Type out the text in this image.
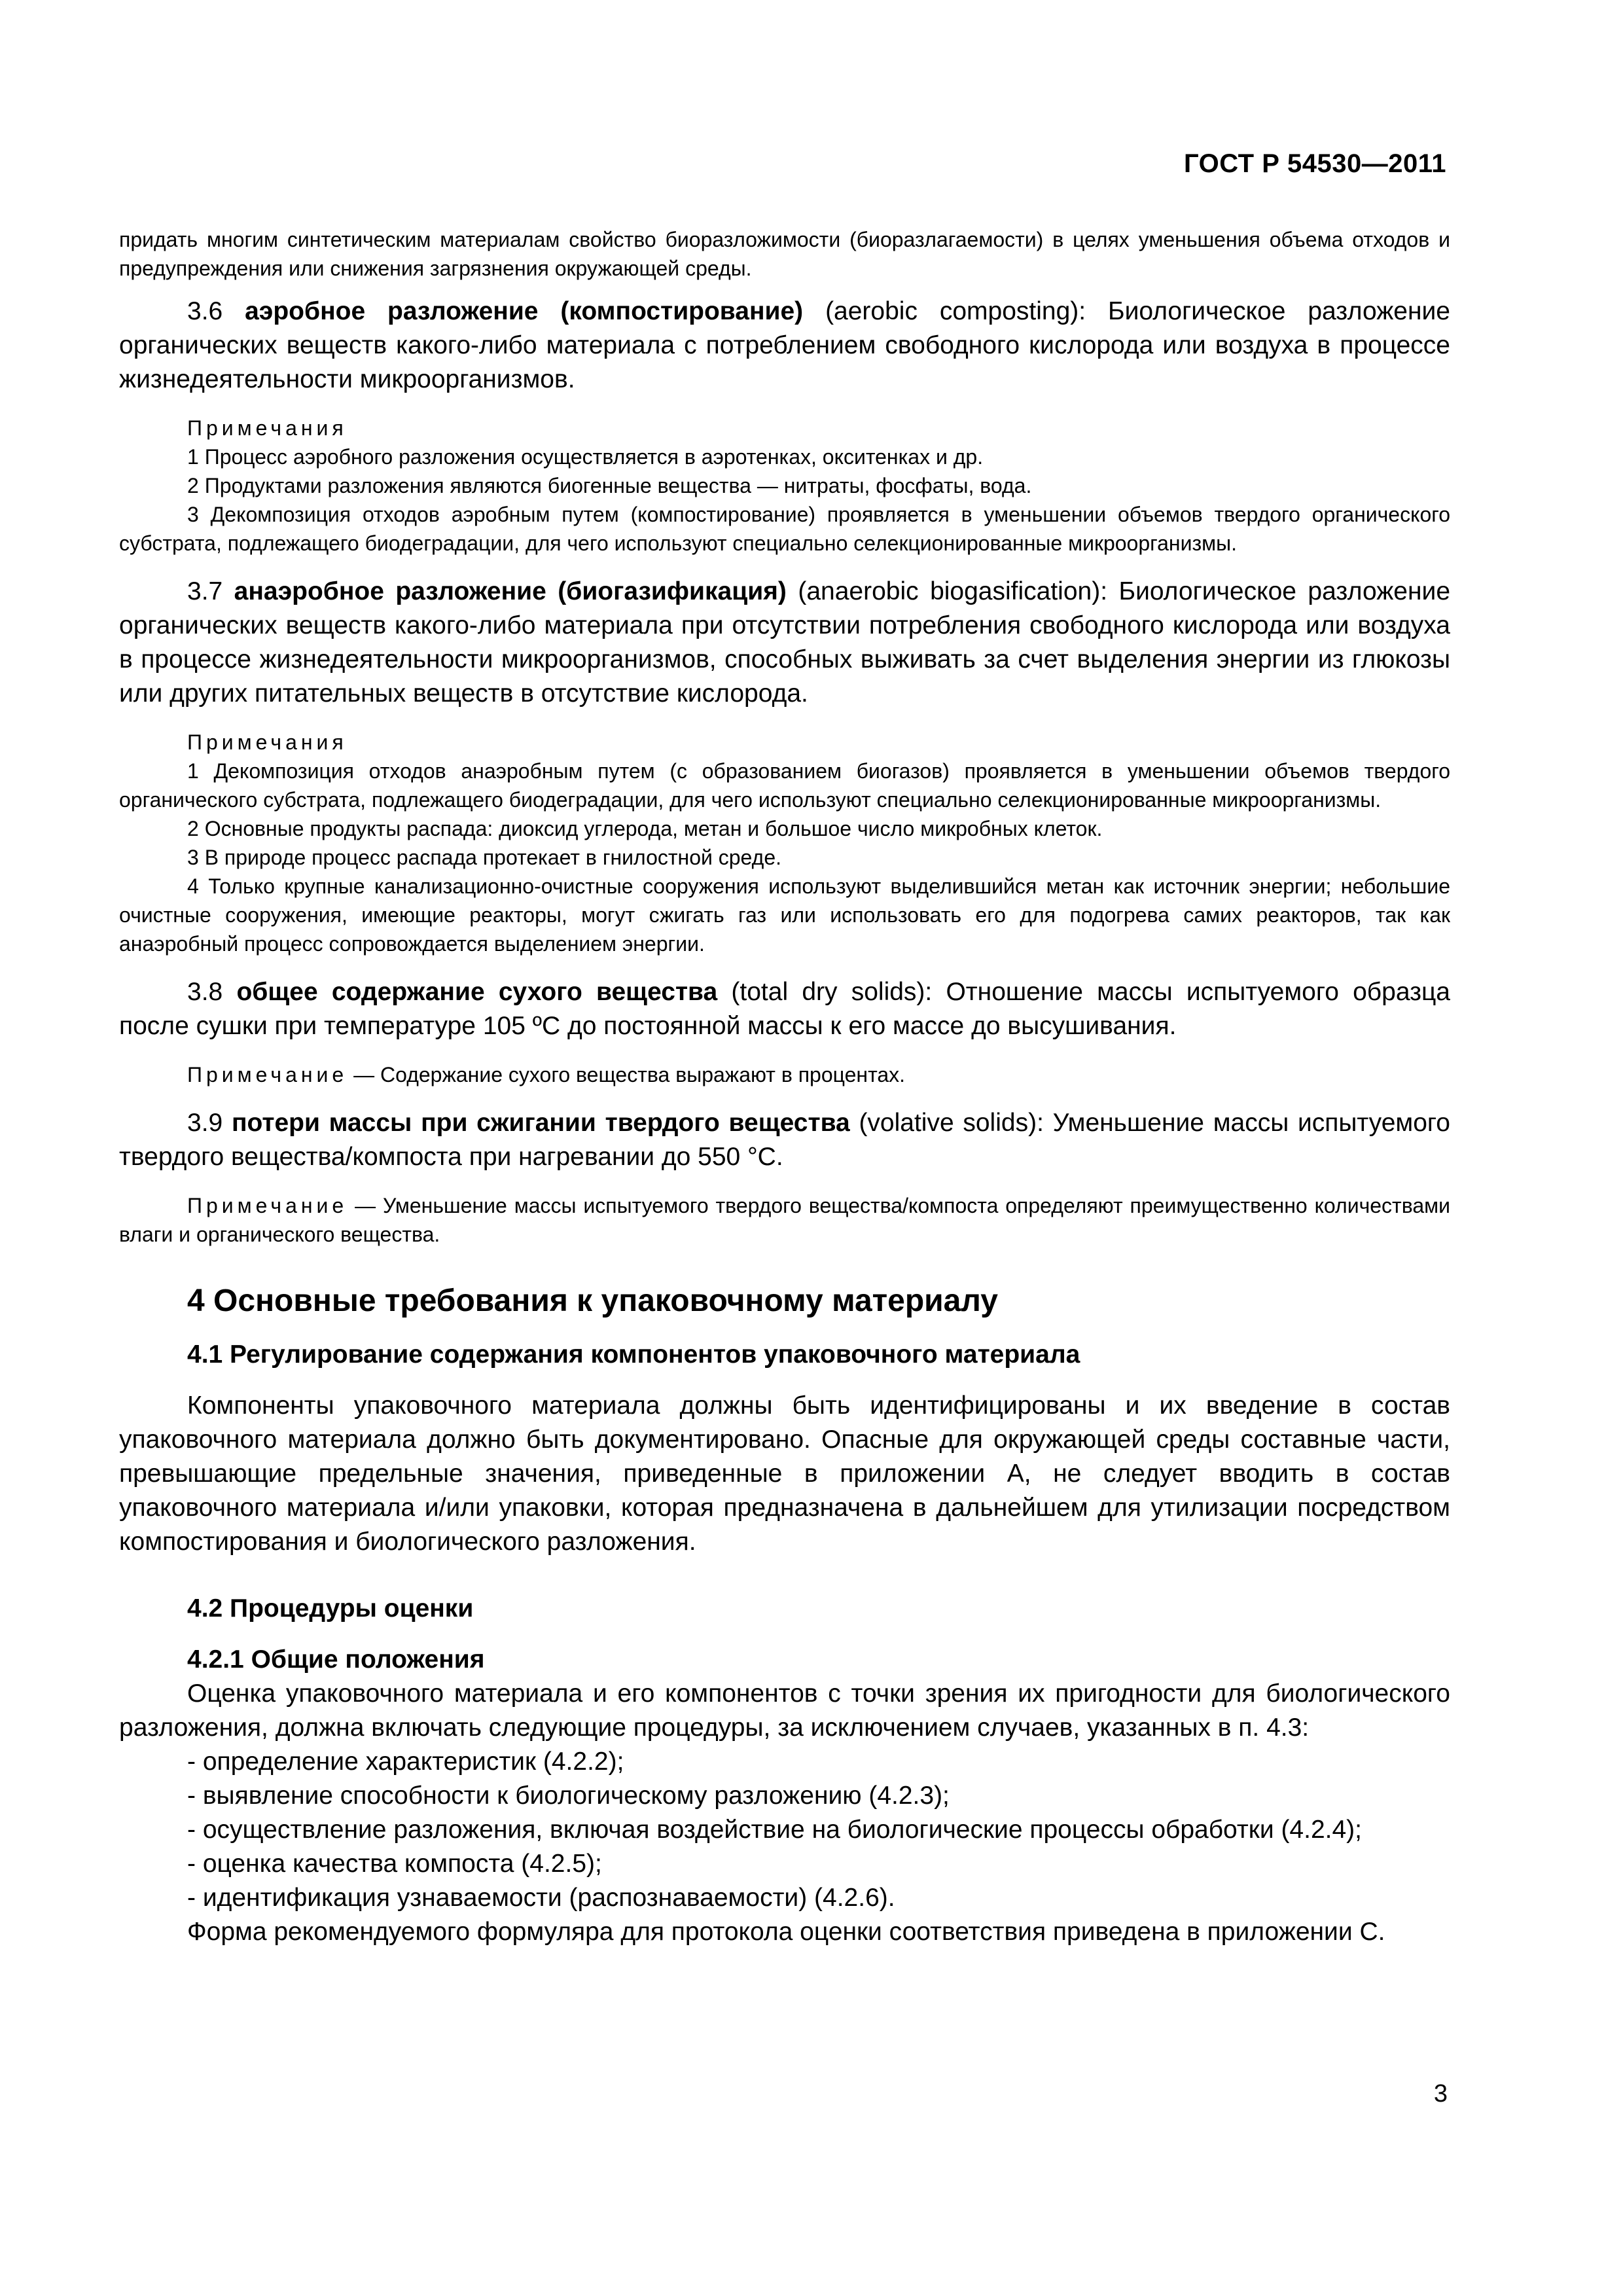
ГОСТ Р 54530—2011

придать многим синтетическим материалам свойство биоразложимости (биоразлагаемости) в целях уменьшения объема отходов и предупреждения или снижения загрязнения окружающей среды.

3.6 аэробное разложение (компостирование) (aerobic composting): Биологическое разложение органических веществ какого-либо материала с потреблением свободного кислорода или воздуха в процессе жизнедеятельности микроорганизмов.

Примечания

1 Процесс аэробного разложения осуществляется в аэротенках, окситенках и др.

2 Продуктами разложения являются биогенные вещества — нитраты, фосфаты, вода.

3 Декомпозиция отходов аэробным путем (компостирование) проявляется в уменьшении объемов твердого органического субстрата, подлежащего биодеградации, для чего используют специально селекционированные микроорганизмы.

3.7 анаэробное разложение (биогазификация) (anaerobic biogasification): Биологическое разложение органических веществ какого-либо материала при отсутствии потребления свободного кислорода или воздуха в процессе жизнедеятельности микроорганизмов, способных выживать за счет выделения энергии из глюкозы или других питательных веществ в отсутствие кислорода.

Примечания

1 Декомпозиция отходов анаэробным путем (с образованием биогазов) проявляется в уменьшении объемов твердого органического субстрата, подлежащего биодеградации, для чего используют специально селекционированные микроорганизмы.

2 Основные продукты распада: диоксид углерода, метан и большое число микробных клеток.

3 В природе процесс распада протекает в гнилостной среде.

4 Только крупные канализационно-очистные сооружения используют выделившийся метан как источник энергии; небольшие очистные сооружения, имеющие реакторы, могут сжигать газ или использовать его для подогрева самих реакторов, так как анаэробный процесс сопровождается выделением энергии.

3.8 общее содержание сухого вещества (total dry solids): Отношение массы испытуемого образца после сушки при температуре 105 ºС до постоянной массы к его массе до высушивания.

Примечание — Содержание сухого вещества выражают в процентах.

3.9 потери массы при сжигании твердого вещества (volative solids): Уменьшение массы испытуемого твердого вещества/компоста при нагревании до 550 °С.

Примечание — Уменьшение массы испытуемого твердого вещества/компоста определяют преимущественно количествами влаги и органического вещества.

4 Основные требования к упаковочному материалу

4.1 Регулирование содержания компонентов упаковочного материала

Компоненты упаковочного материала должны быть идентифицированы и их введение в состав упаковочного материала должно быть документировано. Опасные для окружающей среды составные части, превышающие предельные значения, приведенные в приложении А, не следует вводить в состав упаковочного материала и/или упаковки, которая предназначена в дальнейшем для утилизации посредством компостирования и биологического разложения.

4.2 Процедуры оценки

4.2.1 Общие положения

Оценка упаковочного материала и его компонентов с точки зрения их пригодности для биологического разложения, должна включать следующие процедуры, за исключением случаев, указанных в п. 4.3:

- определение характеристик (4.2.2);

- выявление способности к биологическому разложению (4.2.3);

- осуществление разложения, включая воздействие на биологические процессы обработки (4.2.4);

- оценка качества компоста (4.2.5);

- идентификация узнаваемости (распознаваемости) (4.2.6).

Форма рекомендуемого формуляра для протокола оценки соответствия приведена в приложении С.

3
